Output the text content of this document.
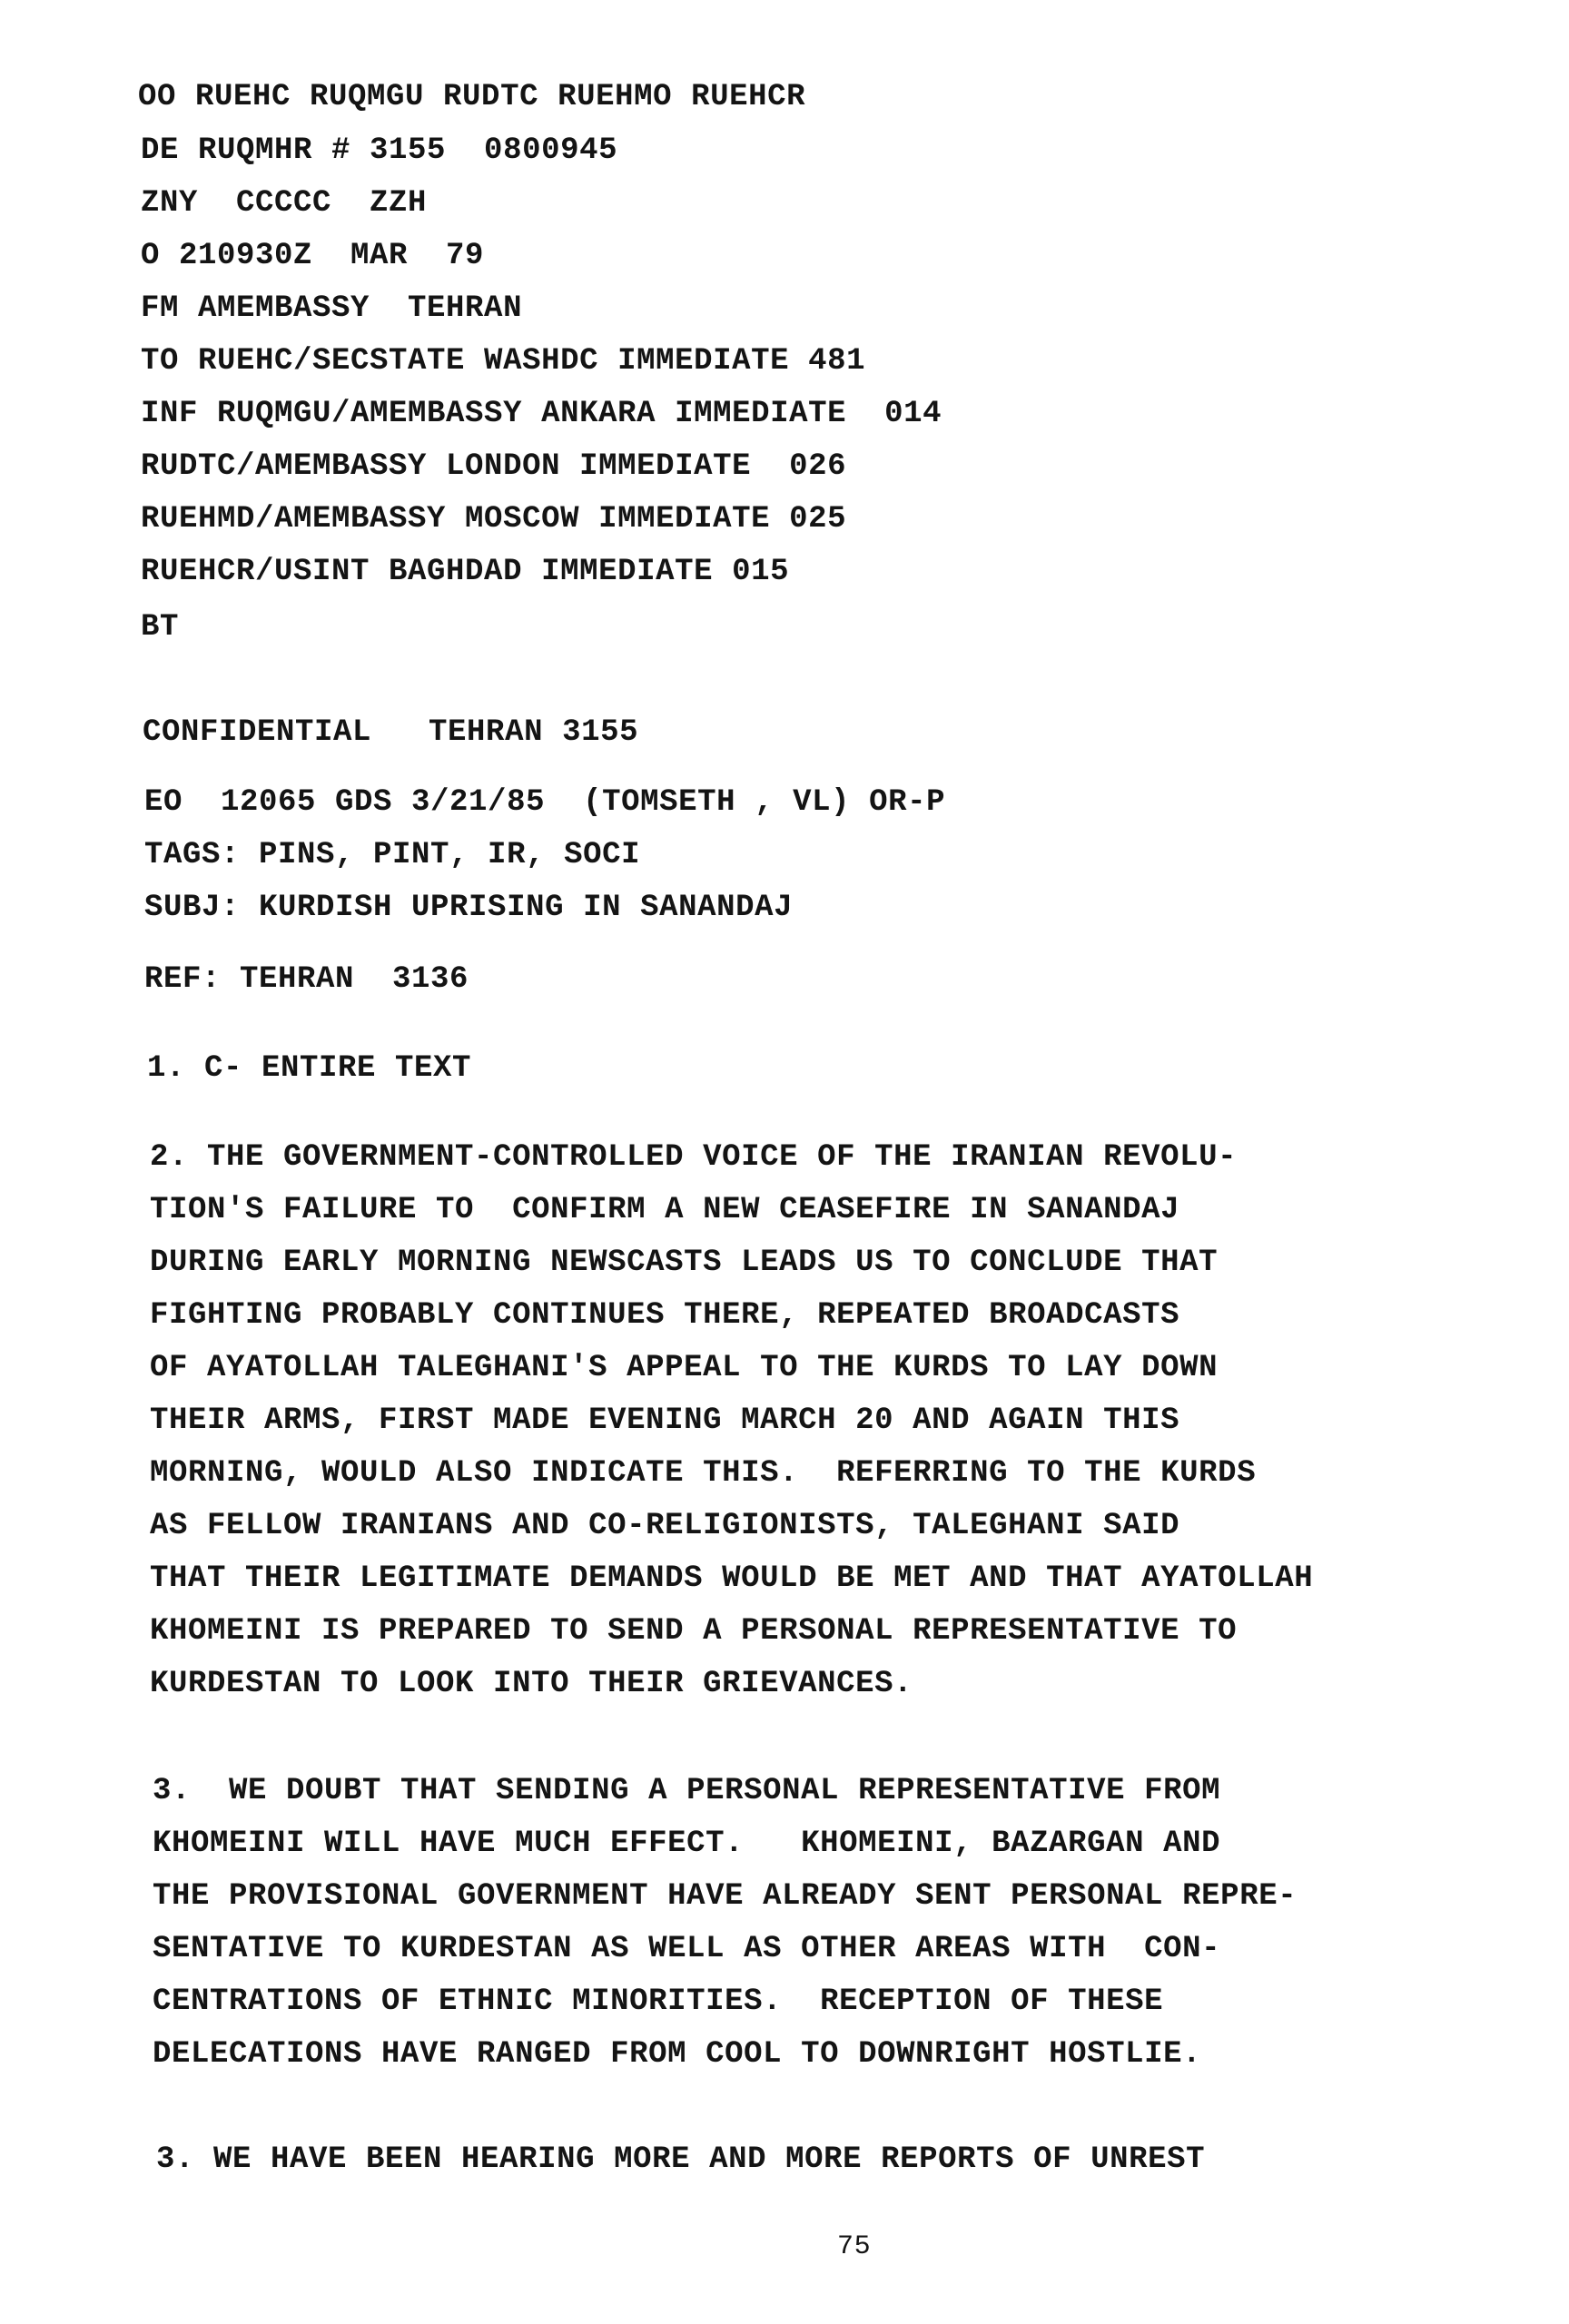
OO RUEHC RUQMGU RUDTC RUEHMO RUEHCR

DE RUQMHR # 3155  0800945

ZNY  CCCCC  ZZH

O 210930Z  MAR  79

FM AMEMBASSY  TEHRAN

TO RUEHC/SECSTATE WASHDC IMMEDIATE 481

INF RUQMGU/AMEMBASSY ANKARA IMMEDIATE  014

RUDTC/AMEMBASSY LONDON IMMEDIATE  026

RUEHMD/AMEMBASSY MOSCOW IMMEDIATE 025

RUEHCR/USINT BAGHDAD IMMEDIATE 015

BT

CONFIDENTIAL   TEHRAN 3155

EO  12065 GDS 3/21/85  (TOMSETH , VL) OR-P

TAGS: PINS, PINT, IR, SOCI

SUBJ: KURDISH UPRISING IN SANANDAJ

REF: TEHRAN  3136

1. C- ENTIRE TEXT

2. THE GOVERNMENT-CONTROLLED VOICE OF THE IRANIAN REVOLU-

TION'S FAILURE TO  CONFIRM A NEW CEASEFIRE IN SANANDAJ

DURING EARLY MORNING NEWSCASTS LEADS US TO CONCLUDE THAT

FIGHTING PROBABLY CONTINUES THERE, REPEATED BROADCASTS

OF AYATOLLAH TALEGHANI'S APPEAL TO THE KURDS TO LAY DOWN

THEIR ARMS, FIRST MADE EVENING MARCH 20 AND AGAIN THIS

MORNING, WOULD ALSO INDICATE THIS.  REFERRING TO THE KURDS

AS FELLOW IRANIANS AND CO-RELIGIONISTS, TALEGHANI SAID

THAT THEIR LEGITIMATE DEMANDS WOULD BE MET AND THAT AYATOLLAH

KHOMEINI IS PREPARED TO SEND A PERSONAL REPRESENTATIVE TO

KURDESTAN TO LOOK INTO THEIR GRIEVANCES.

3.  WE DOUBT THAT SENDING A PERSONAL REPRESENTATIVE FROM

KHOMEINI WILL HAVE MUCH EFFECT.   KHOMEINI, BAZARGAN AND

THE PROVISIONAL GOVERNMENT HAVE ALREADY SENT PERSONAL REPRE-

SENTATIVE TO KURDESTAN AS WELL AS OTHER AREAS WITH  CON-

CENTRATIONS OF ETHNIC MINORITIES.  RECEPTION OF THESE

DELECATIONS HAVE RANGED FROM COOL TO DOWNRIGHT HOSTLIE.

3. WE HAVE BEEN HEARING MORE AND MORE REPORTS OF UNREST

75
